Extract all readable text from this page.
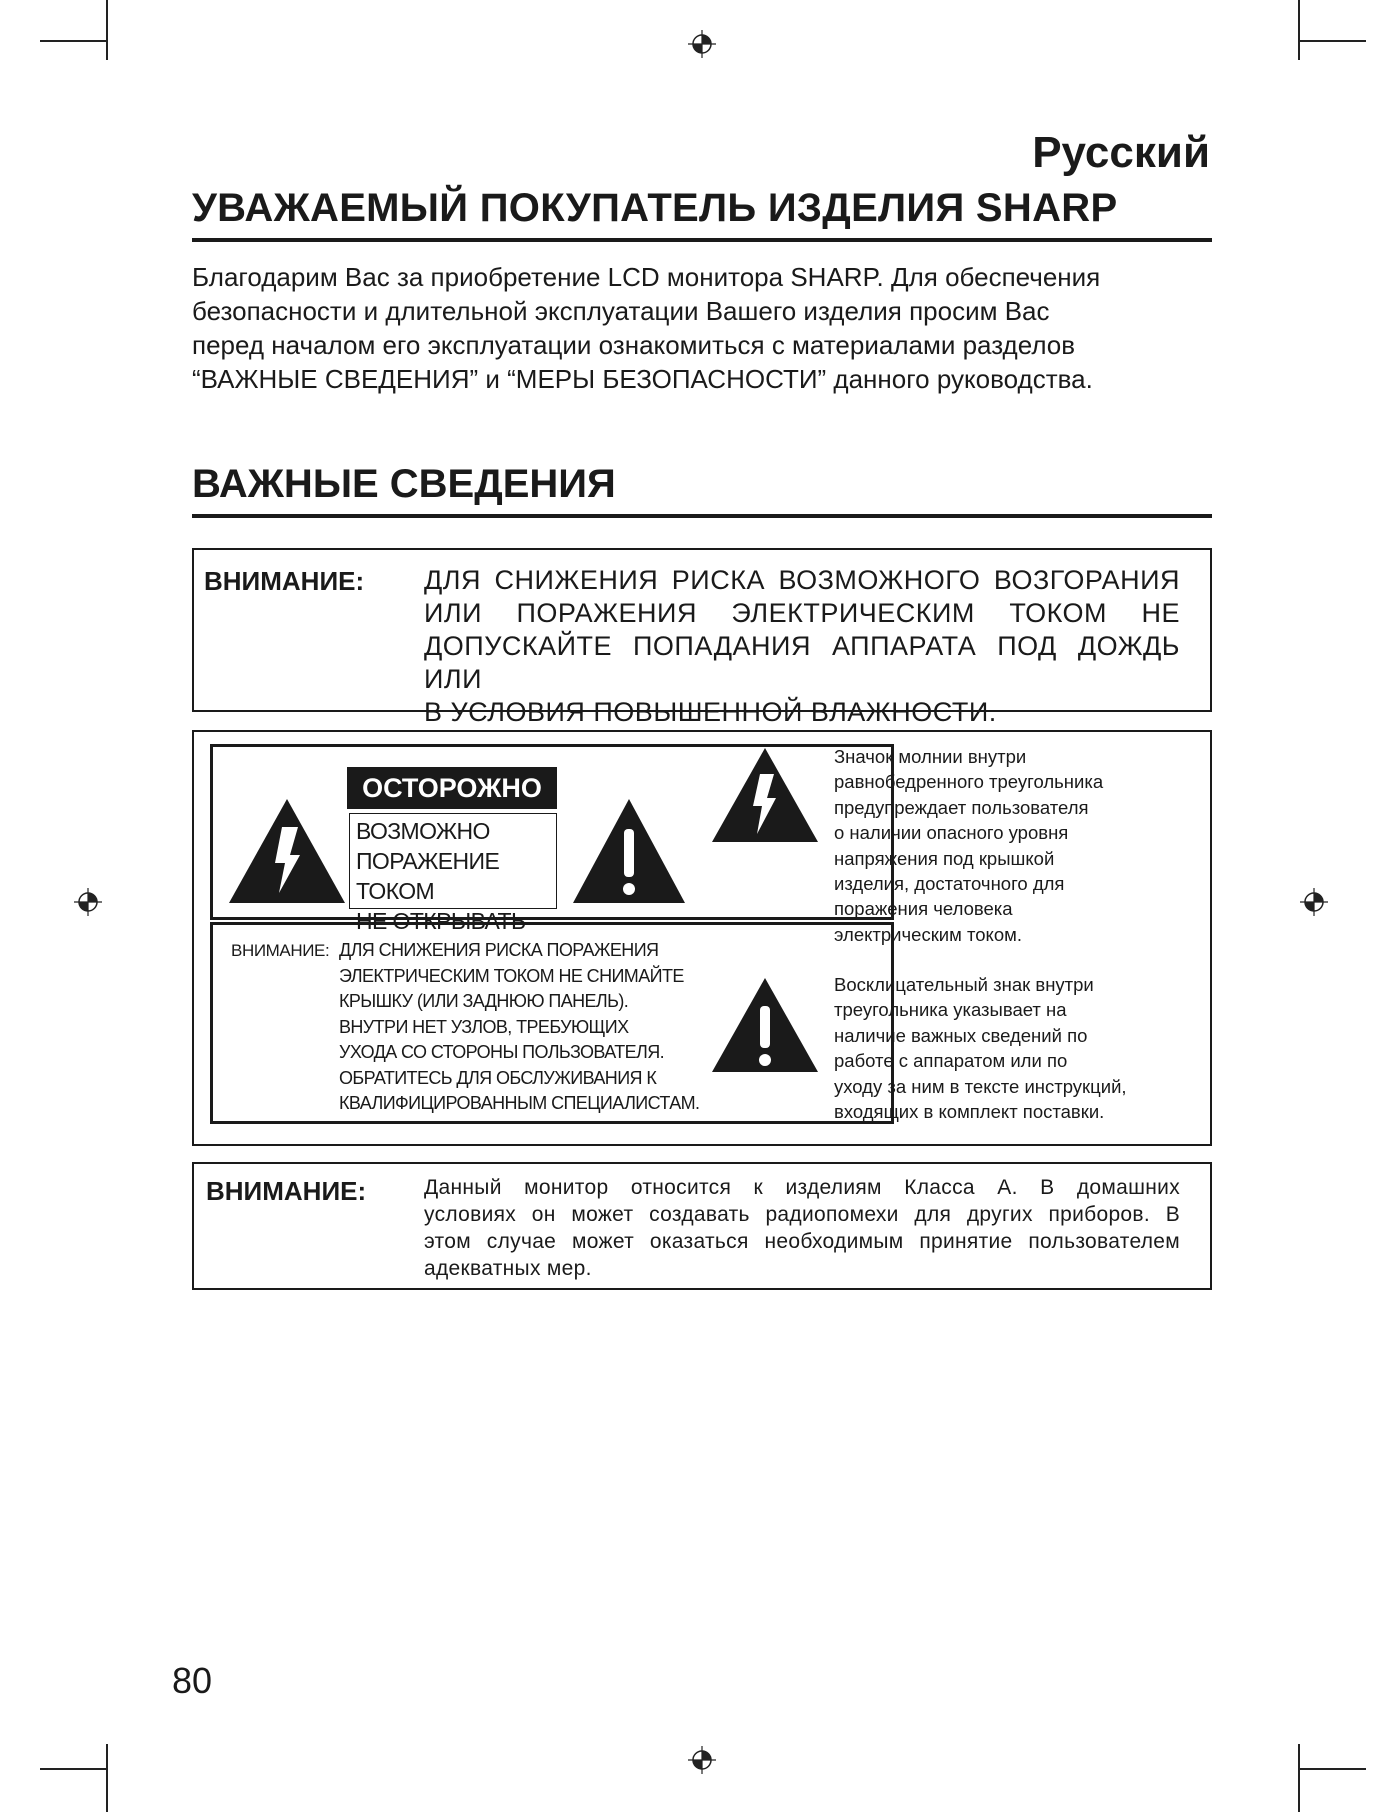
Русский
УВАЖАЕМЫЙ ПОКУПАТЕЛЬ ИЗДЕЛИЯ SHARP

Благодарим Вас за приобретение LCD монитора SHARP. Для обеспечения

безопасности и длительной эксплуатации Вашего изделия просим Вас

перед началом его эксплуатации ознакомиться с материалами разделов

“ВАЖНЫЕ СВЕДЕНИЯ” и “МЕРЫ БЕЗОПАСНОСТИ” данного руководства.

ВАЖНЫЕ СВЕДЕНИЯ
ВНИМАНИЕ: ДЛЯ СНИЖЕНИЯ РИСКА ВОЗМОЖНОГО ВОЗГОРАНИЯ

ИЛИ ПОРАЖЕНИЯ ЭЛЕКТРИЧЕСКИМ ТОКОМ НЕ

ДОПУСКАЙТЕ ПОПАДАНИЯ АППАРАТА ПОД ДОЖДЬ ИЛИ

В УСЛОВИЯ ПОВЫШЕННОЙ ВЛАЖНОСТИ.

ОСТОРОЖНО
ВОЗМОЖНО
ПОРАЖЕНИЕ ТОКОМ
НЕ ОТКРЫВАТЬ
ВНИМАНИЕ: ДЛЯ СНИЖЕНИЯ РИСКА ПОРАЖЕНИЯ
ЭЛЕКТРИЧЕСКИМ ТОКОМ НЕ СНИМАЙТЕ
КРЫШКУ (ИЛИ ЗАДНЮЮ ПАНЕЛЬ).
ВНУТРИ НЕТ УЗЛОВ, ТРЕБУЮЩИХ
УХОДА СО СТОРОНЫ ПОЛЬЗОВАТЕЛЯ.
ОБРАТИТЕСЬ ДЛЯ ОБСЛУЖИВАНИЯ К
КВАЛИФИЦИРОВАННЫМ СПЕЦИАЛИСТАМ.
Значок молнии внутри
равнобедренного треугольника
предупреждает пользователя
о наличии опасного уровня
напряжения под крышкой
изделия, достаточного для
поражения человека
электрическим током.
Восклицательный знак внутри
треугольника указывает на
наличие важных сведений по
работе с аппаратом или по
уходу за ним в тексте инструкций,
входящих в комплект поставки.
ВНИМАНИЕ:	Данный монитор относится к изделиям Класса А. В домашних

условиях он может создавать радиопомехи для других приборов. В

этом случае может оказаться необходимым принятие пользователем

адекватных мер.

80
